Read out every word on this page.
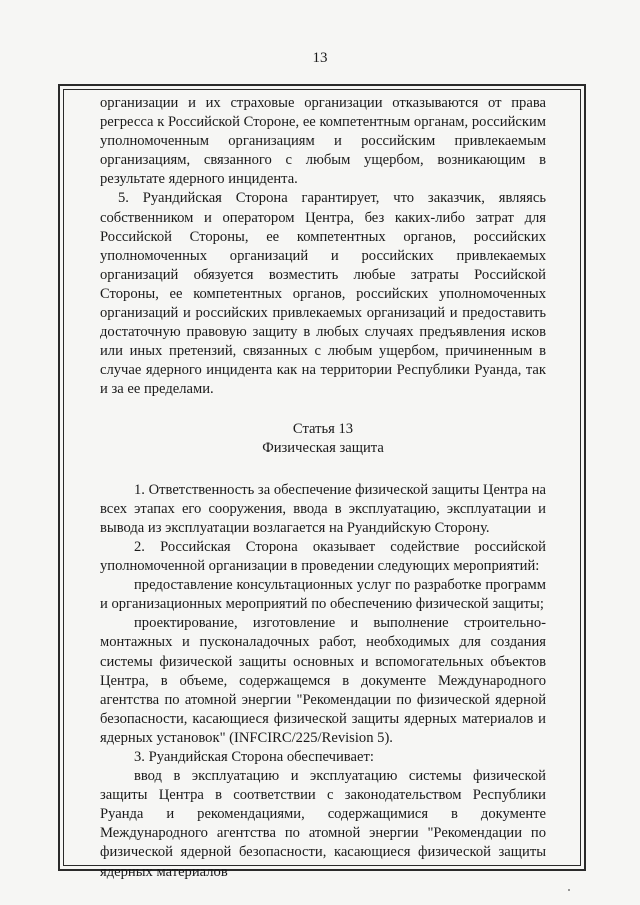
13

организации и их страховые организации отказываются от права регресса к Российской Стороне, ее компетентным органам, российским уполномоченным организациям и российским привлекаемым организациям, связанного с любым ущербом, возникающим в результате ядерного инцидента.

5. Руандийская Сторона гарантирует, что заказчик, являясь собственником и оператором Центра, без каких-либо затрат для Российской Стороны, ее компетентных органов, российских уполномоченных организаций и российских привлекаемых организаций обязуется возместить любые затраты Российской Стороны, ее компетентных органов, российских уполномоченных организаций и российских привлекаемых организаций и предоставить достаточную правовую защиту в любых случаях предъявления исков или иных претензий, связанных с любым ущербом, причиненным в случае ядерного инцидента как на территории Республики Руанда, так и за ее пределами.

Статья 13

Физическая защита

1. Ответственность за обеспечение физической защиты Центра на всех этапах его сооружения, ввода в эксплуатацию, эксплуатации и вывода из эксплуатации возлагается на Руандийскую Сторону.

2. Российская Сторона оказывает содействие российской уполномоченной организации в проведении следующих мероприятий:

предоставление консультационных услуг по разработке программ и организационных мероприятий по обеспечению физической защиты;

проектирование, изготовление и выполнение строительно-монтажных и пусконаладочных работ, необходимых для создания системы физической защиты основных и вспомогательных объектов Центра, в объеме, содержащемся в документе Международного агентства по атомной энергии "Рекомендации по физической ядерной безопасности, касающиеся физической защиты ядерных материалов и ядерных установок" (INFCIRC/225/Revision 5).

3. Руандийская Сторона обеспечивает:

ввод в эксплуатацию и эксплуатацию системы физической защиты Центра в соответствии с законодательством Республики Руанда и рекомендациями, содержащимися в документе Международного агентства по атомной энергии "Рекомендации по физической ядерной безопасности, касающиеся физической защиты ядерных материалов
